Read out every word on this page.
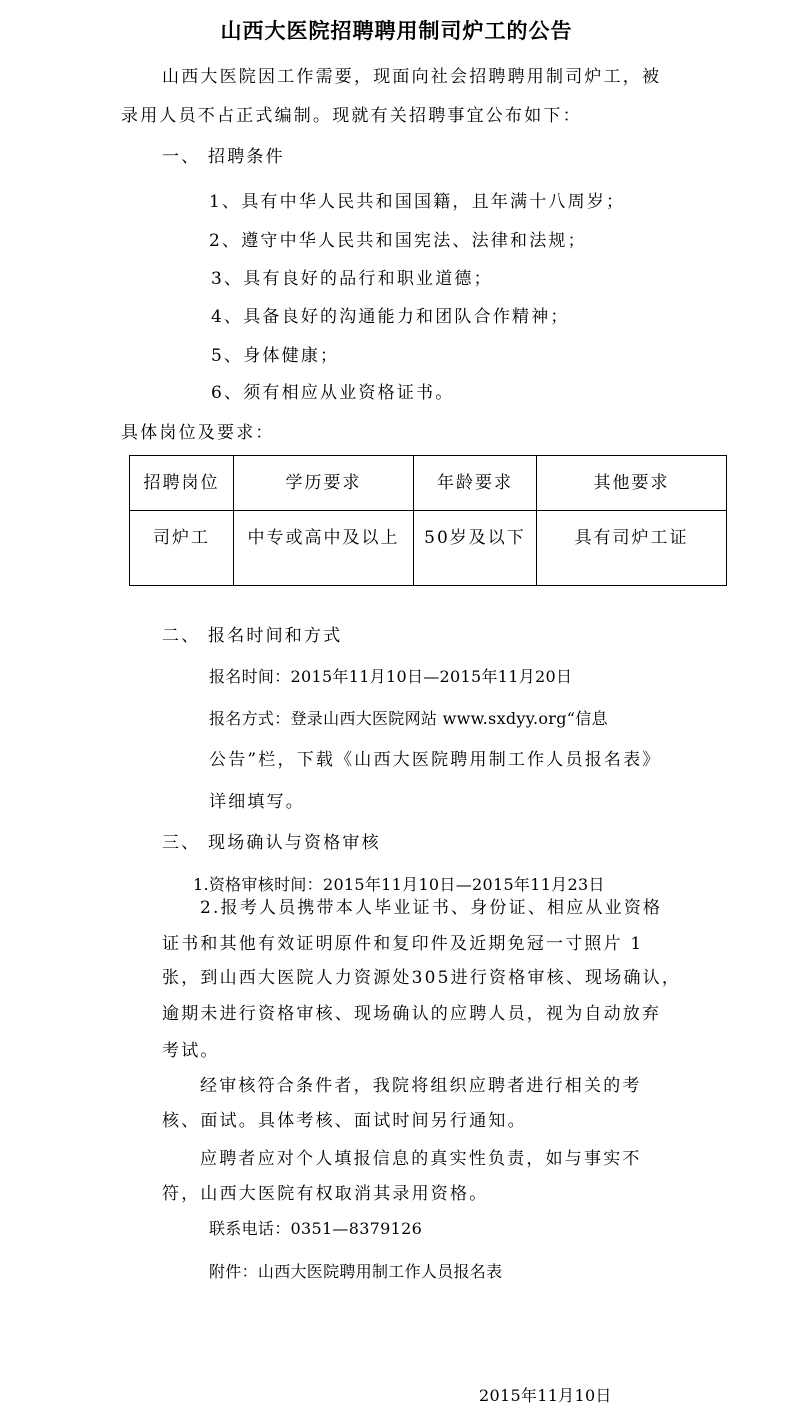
山西大医院招聘聘用制司炉工的公告
山西大医院因工作需要，现面向社会招聘聘用制司炉工，被
录用人员不占正式编制。现就有关招聘事宜公布如下：
一、 招聘条件
1、具有中华人民共和国国籍，且年满十八周岁；
2、遵守中华人民共和国宪法、法律和法规；
3、具有良好的品行和职业道德；
4、具备良好的沟通能力和团队合作精神；
5、身体健康；
6、须有相应从业资格证书。
具体岗位及要求：
招聘岗位	学历要求	年龄要求	其他要求
司炉工	中专或高中及以上	50岁及以下	具有司炉工证
二、 报名时间和方式
报名时间：2015年11月10日—2015年11月20日
报名方式：登录山西大医院网站 www.sxdyy.org“信息
公告”栏，下载《山西大医院聘用制工作人员报名表》
详细填写。
三、 现场确认与资格审核
1.资格审核时间：2015年11月10日—2015年11月23日
2.报考人员携带本人毕业证书、身份证、相应从业资格
证书和其他有效证明原件和复印件及近期免冠一寸照片 1
张，到山西大医院人力资源处305进行资格审核、现场确认，
逾期未进行资格审核、现场确认的应聘人员，视为自动放弃
考试。
经审核符合条件者，我院将组织应聘者进行相关的考
核、面试。具体考核、面试时间另行通知。
应聘者应对个人填报信息的真实性负责，如与事实不
符，山西大医院有权取消其录用资格。
联系电话：0351—8379126
附件：山西大医院聘用制工作人员报名表
2015年11月10日
